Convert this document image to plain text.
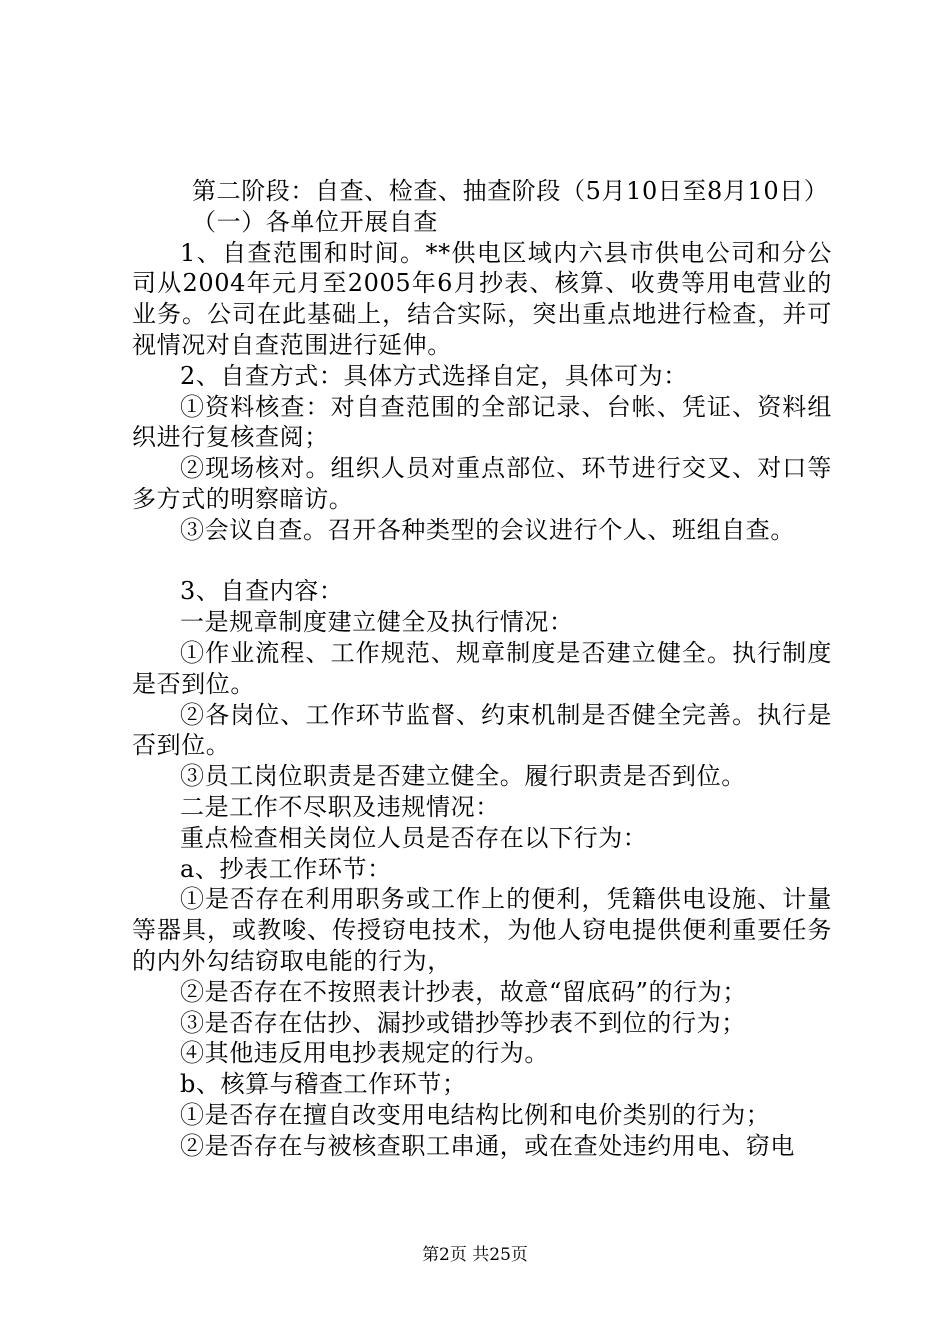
第二阶段：自查、检查、抽查阶段（5月10日至8月10日）

（一）各单位开展自查

1、自查范围和时间。**供电区域内六县市供电公司和分公司从2004年元月至2005年6月抄表、核算、收费等用电营业的业务。公司在此基础上，结合实际，突出重点地进行检查，并可视情况对自查范围进行延伸。

2、自查方式：具体方式选择自定，具体可为：

①资料核查：对自查范围的全部记录、台帐、凭证、资料组织进行复核查阅；

②现场核对。组织人员对重点部位、环节进行交叉、对口等多方式的明察暗访。

③会议自查。召开各种类型的会议进行个人、班组自查。

3、自查内容：

一是规章制度建立健全及执行情况：

①作业流程、工作规范、规章制度是否建立健全。执行制度是否到位。

②各岗位、工作环节监督、约束机制是否健全完善。执行是否到位。

③员工岗位职责是否建立健全。履行职责是否到位。

二是工作不尽职及违规情况：

重点检查相关岗位人员是否存在以下行为：

a、抄表工作环节：

①是否存在利用职务或工作上的便利，凭籍供电设施、计量等器具，或教唆、传授窃电技术，为他人窃电提供便利重要任务的内外勾结窃取电能的行为，

②是否存在不按照表计抄表，故意“留底码”的行为；

③是否存在估抄、漏抄或错抄等抄表不到位的行为；

④其他违反用电抄表规定的行为。

b、核算与稽查工作环节；

①是否存在擅自改变用电结构比例和电价类别的行为；

②是否存在与被核查职工串通，或在查处违约用电、窃电

第2页 共25页
